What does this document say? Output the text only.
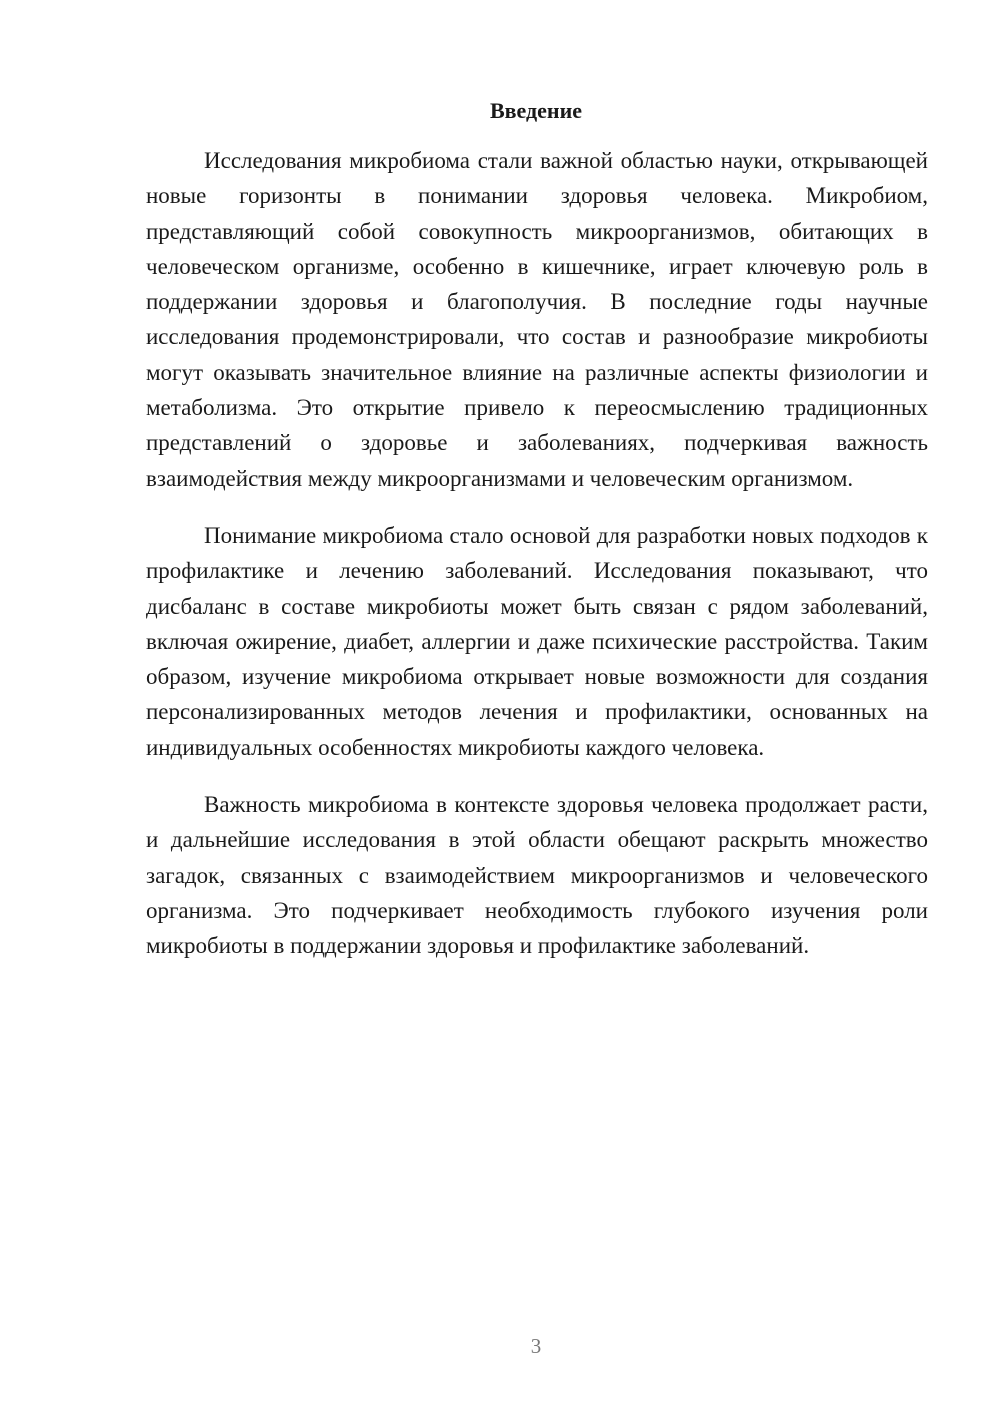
Введение

Исследования микробиома стали важной областью науки, открывающей новые горизонты в понимании здоровья человека. Микробиом, представляющий собой совокупность микроорганизмов, обитающих в человеческом организме, особенно в кишечнике, играет ключевую роль в поддержании здоровья и благополучия. В последние годы научные исследования продемонстрировали, что состав и разнообразие микробиоты могут оказывать значительное влияние на различные аспекты физиологии и метаболизма. Это открытие привело к переосмыслению традиционных представлений о здоровье и заболеваниях, подчеркивая важность взаимодействия между микроорганизмами и человеческим организмом.

Понимание микробиома стало основой для разработки новых подходов к профилактике и лечению заболеваний. Исследования показывают, что дисбаланс в составе микробиоты может быть связан с рядом заболеваний, включая ожирение, диабет, аллергии и даже психические расстройства. Таким образом, изучение микробиома открывает новые возможности для создания персонализированных методов лечения и профилактики, основанных на индивидуальных особенностях микробиоты каждого человека.

Важность микробиома в контексте здоровья человека продолжает расти, и дальнейшие исследования в этой области обещают раскрыть множество загадок, связанных с взаимодействием микроорганизмов и человеческого организма. Это подчеркивает необходимость глубокого изучения роли микробиоты в поддержании здоровья и профилактике заболеваний.

3
